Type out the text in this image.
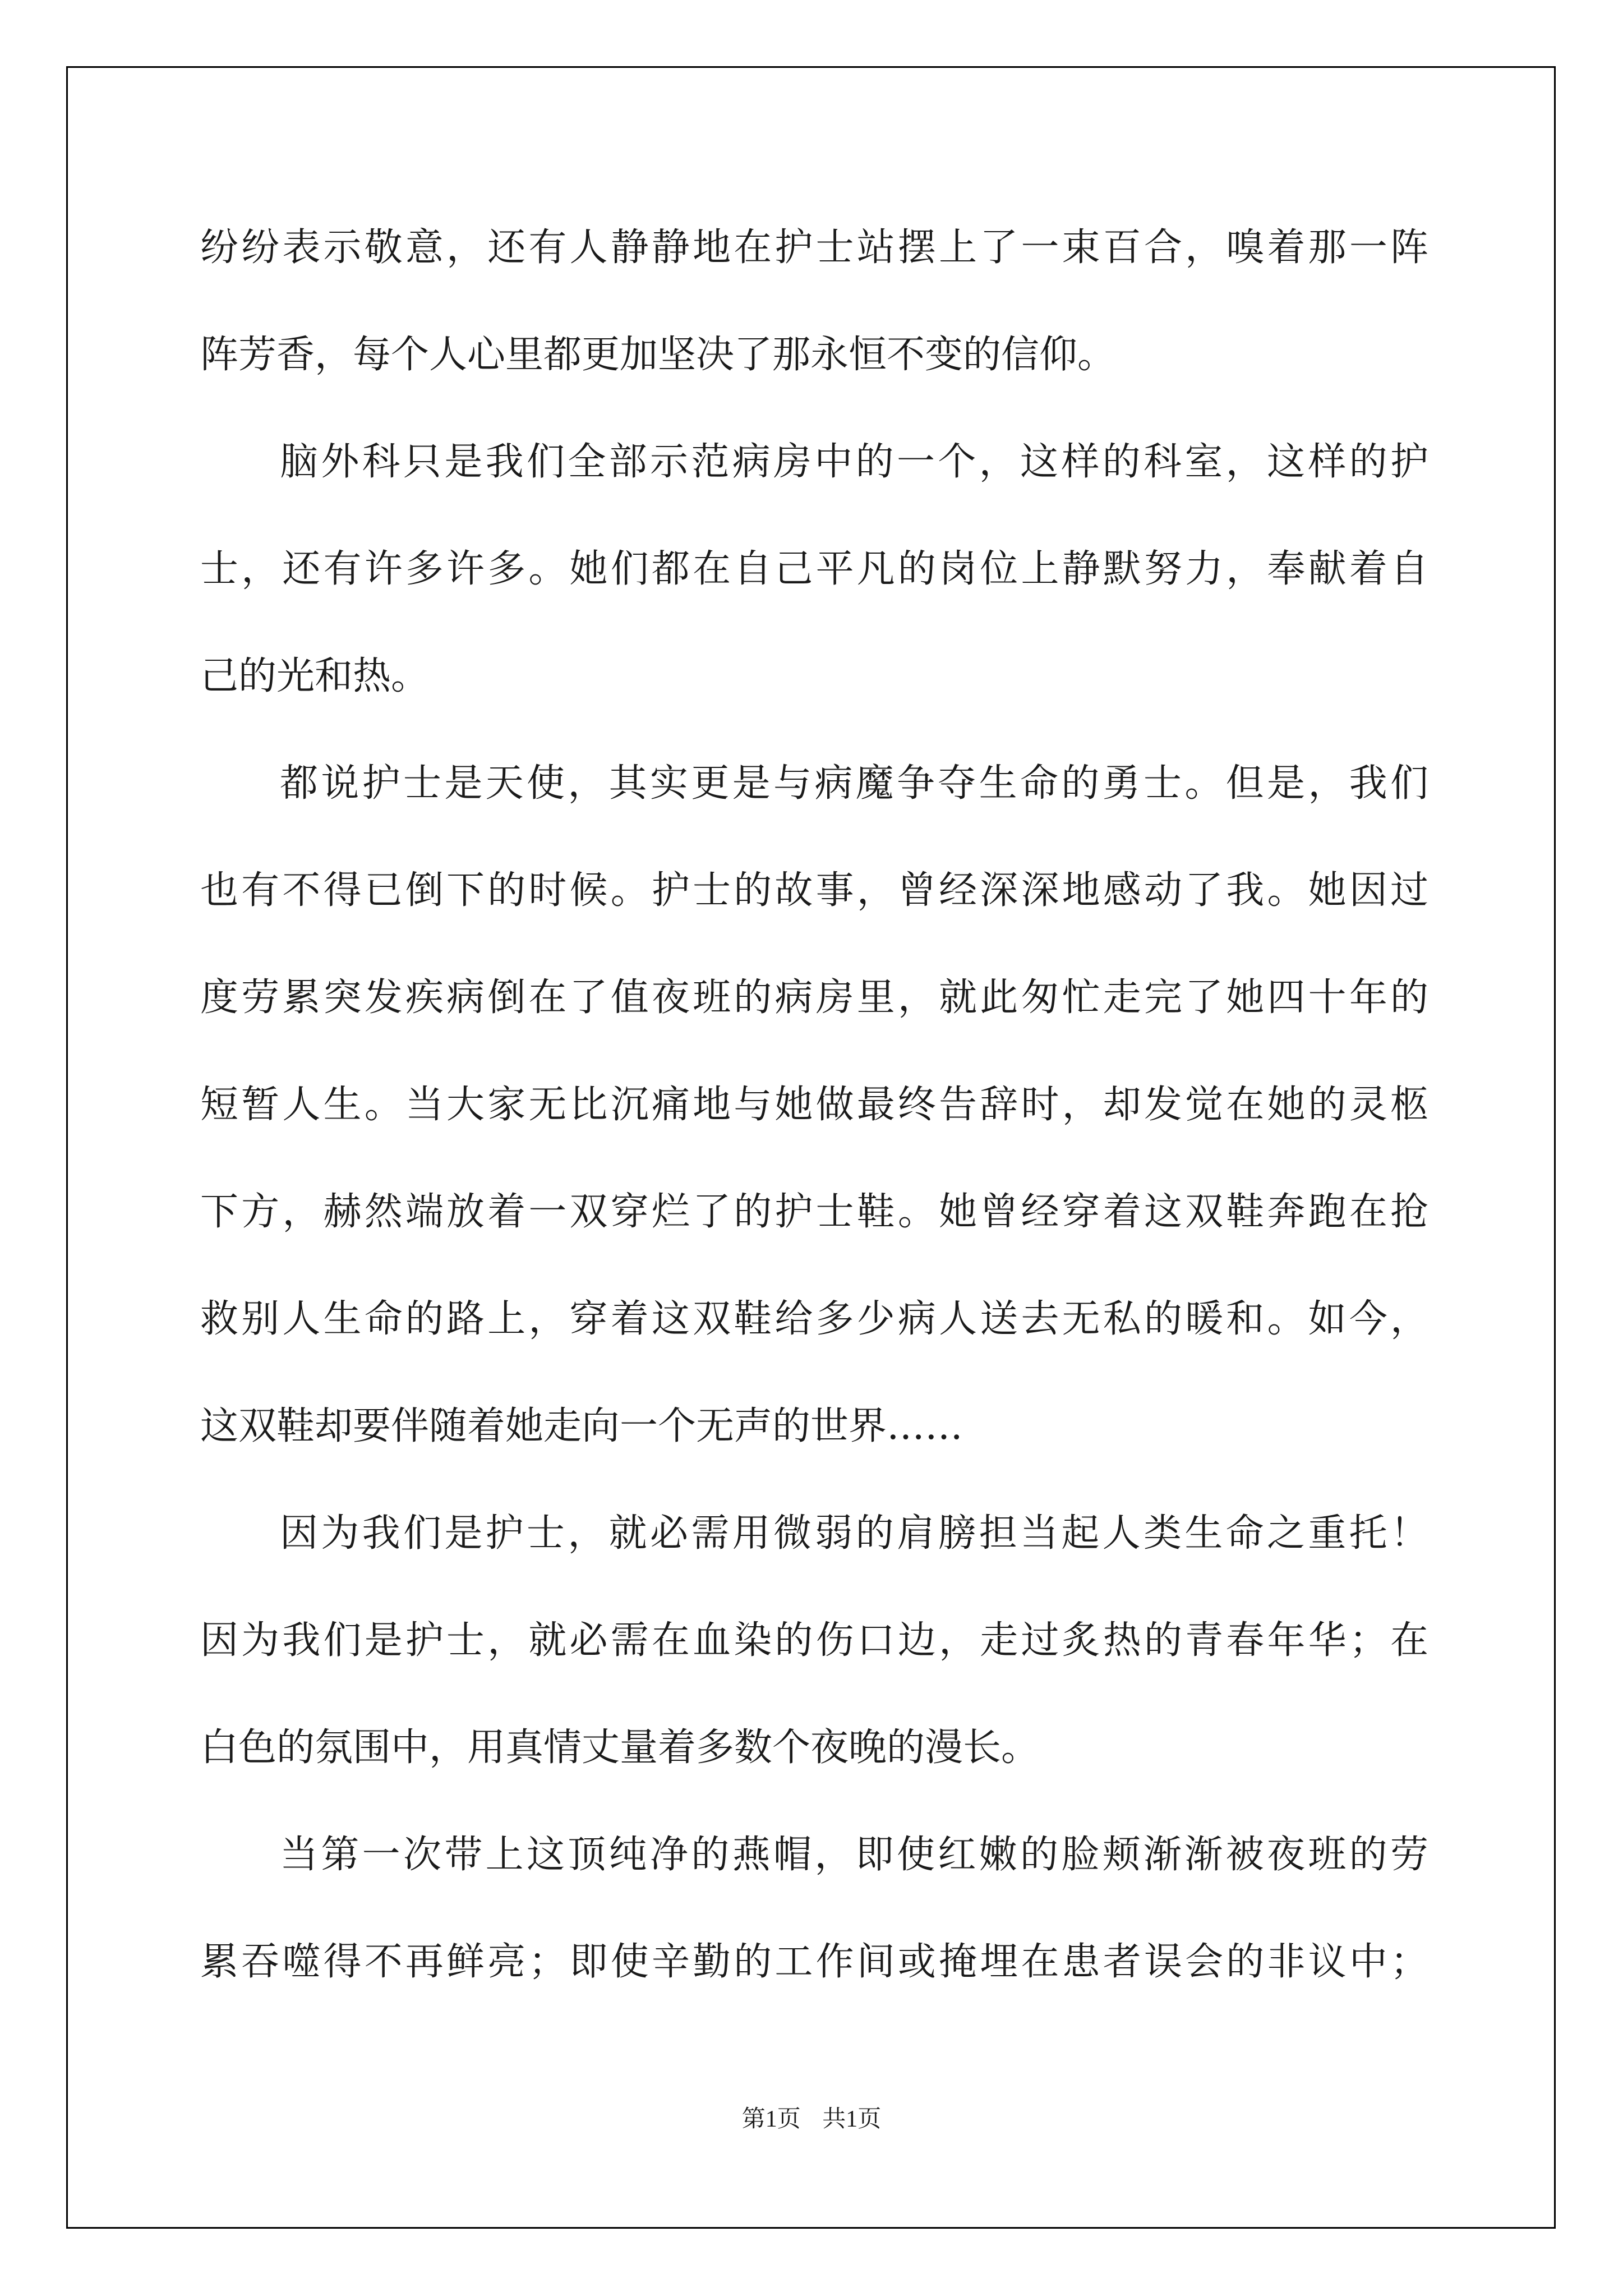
纷纷表示敬意，还有人静静地在护士站摆上了一束百合，嗅着那一阵
阵芳香，每个人心里都更加坚决了那永恒不变的信仰。
脑外科只是我们全部示范病房中的一个，这样的科室，这样的护
士，还有许多许多。她们都在自己平凡的岗位上静默努力，奉献着自
己的光和热。
都说护士是天使，其实更是与病魔争夺生命的勇士。但是，我们
也有不得已倒下的时候。护士的故事，曾经深深地感动了我。她因过
度劳累突发疾病倒在了值夜班的病房里，就此匆忙走完了她四十年的
短暂人生。当大家无比沉痛地与她做最终告辞时，却发觉在她的灵柩
下方，赫然端放着一双穿烂了的护士鞋。她曾经穿着这双鞋奔跑在抢
救别人生命的路上，穿着这双鞋给多少病人送去无私的暖和。如今，
这双鞋却要伴随着她走向一个无声的世界……
因为我们是护士，就必需用微弱的肩膀担当起人类生命之重托！
因为我们是护士，就必需在血染的伤口边，走过炙热的青春年华；在
白色的氛围中，用真情丈量着多数个夜晚的漫长。
当第一次带上这顶纯净的燕帽，即使红嫩的脸颊渐渐被夜班的劳
累吞噬得不再鲜亮；即使辛勤的工作间或掩埋在患者误会的非议中；
第1页 共1页
